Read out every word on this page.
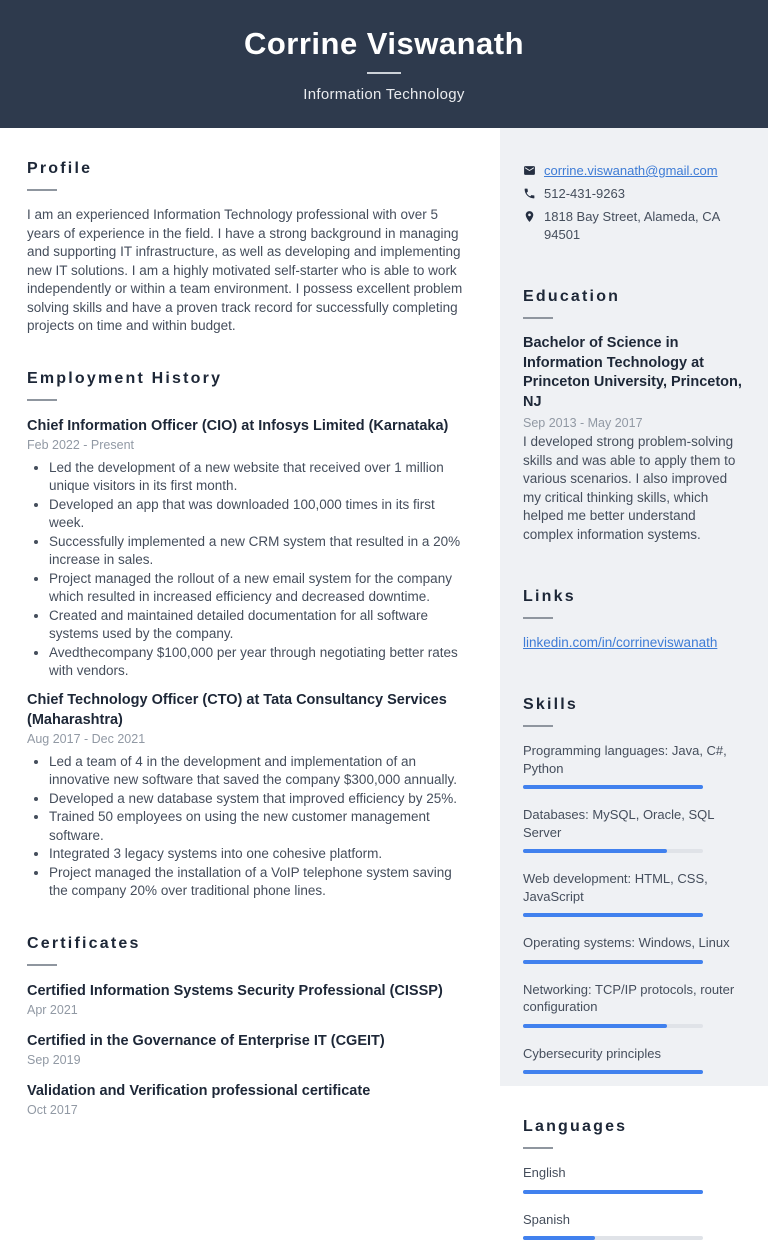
Corrine Viswanath
Information Technology
Profile
I am an experienced Information Technology professional with over 5 years of experience in the field. I have a strong background in managing and supporting IT infrastructure, as well as developing and implementing new IT solutions. I am a highly motivated self-starter who is able to work independently or within a team environment. I possess excellent problem solving skills and have a proven track record for successfully completing projects on time and within budget.
Employment History
Chief Information Officer (CIO) at Infosys Limited (Karnataka)
Feb 2022 - Present
• Led the development of a new website that received over 1 million unique visitors in its first month.
• Developed an app that was downloaded 100,000 times in its first week.
• Successfully implemented a new CRM system that resulted in a 20% increase in sales.
• Project managed the rollout of a new email system for the company which resulted in increased efficiency and decreased downtime.
• Created and maintained detailed documentation for all software systems used by the company.
• Avedthecompany $100,000 per year through negotiating better rates with vendors.
Chief Technology Officer (CTO) at Tata Consultancy Services (Maharashtra)
Aug 2017 - Dec 2021
• Led a team of 4 in the development and implementation of an innovative new software that saved the company $300,000 annually.
• Developed a new database system that improved efficiency by 25%.
• Trained 50 employees on using the new customer management software.
• Integrated 3 legacy systems into one cohesive platform.
• Project managed the installation of a VoIP telephone system saving the company 20% over traditional phone lines.
Certificates
Certified Information Systems Security Professional (CISSP)
Apr 2021
Certified in the Governance of Enterprise IT (CGEIT)
Sep 2019
Validation and Verification professional certificate
Oct 2017
corrine.viswanath@gmail.com
512-431-9263
1818 Bay Street, Alameda, CA 94501
Education
Bachelor of Science in Information Technology at Princeton University, Princeton, NJ
Sep 2013 - May 2017
I developed strong problem-solving skills and was able to apply them to various scenarios. I also improved my critical thinking skills, which helped me better understand complex information systems.
Links
linkedin.com/in/corrineviswanath
Skills
Programming languages: Java, C#, Python
Databases: MySQL, Oracle, SQL Server
Web development: HTML, CSS, JavaScript
Operating systems: Windows, Linux
Networking: TCP/IP protocols, router configuration
Cybersecurity principles
Languages
English
Spanish
